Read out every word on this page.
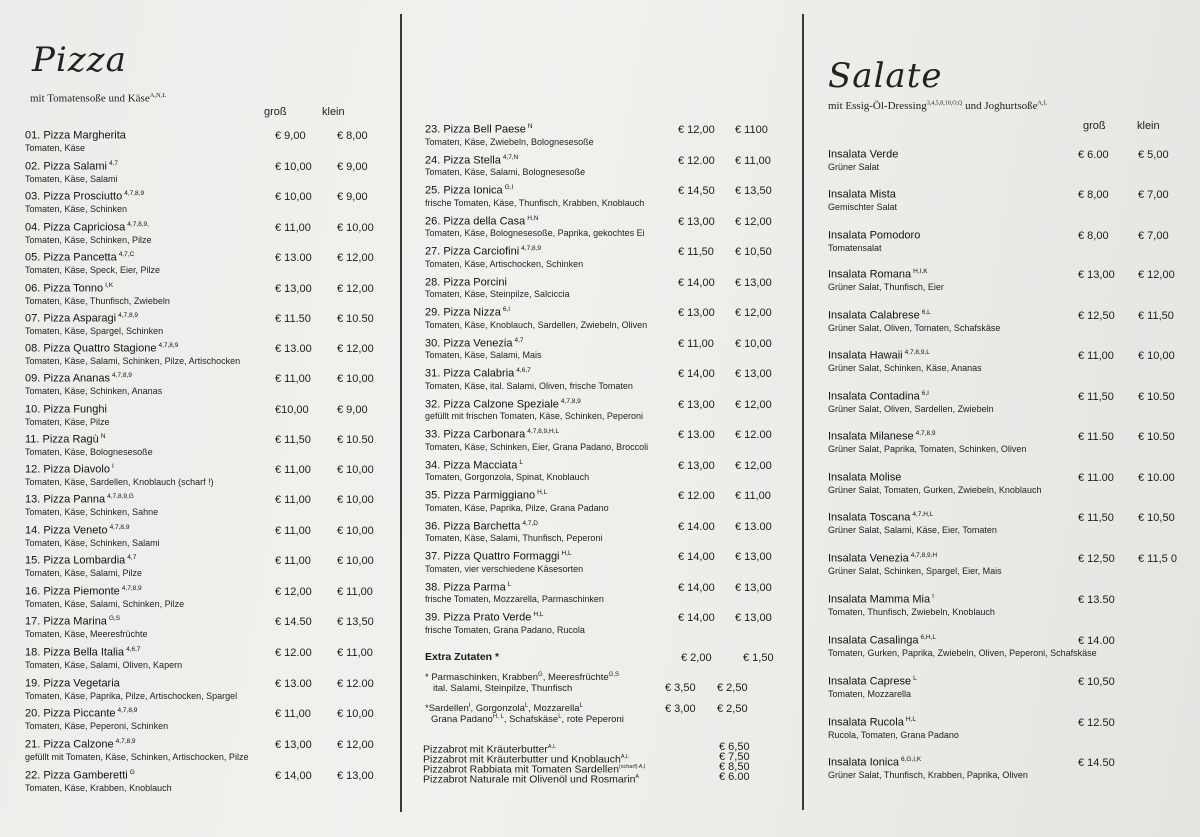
Pizza
mit Tomatensoße und Käse$^{A,N,L}$
groß	klein
01. Pizza Margherita
Tomaten, Käse
€ 9,00	€ 8,00
02. Pizza Salami $^{4,7}$
Tomaten, Käse, Salami
€ 10,00 € 9,00
03. Pizza Prosciutto $^{4,7,8,9}$
Tomaten, Käse, Schinken
€ 10,00 € 9,00
04. Pizza Capriciosa $^{4,7,8,9,}$
Tomaten, Käse, Schinken, Pilze
€ 11,00 € 10,00
05. Pizza Pancetta $^{4,7,C}$
Tomaten, Käse, Speck, Eier, Pilze
€ 13.00 € 12,00
06. Pizza Tonno $^{I,K}$
Tomaten, Käse, Thunfisch, Zwiebeln
€ 13,00 € 12,00
07. Pizza Asparagi $^{4,7,8,9}$
Tomaten, Käse, Spargel, Schinken
€ 11.50 € 10.50
08. Pizza Quattro Stagione $^{4,7,8,9}$
Tomaten, Käse, Salami, Schinken, Pilze, Artischocken
€ 13.00 € 12,00
09. Pizza Ananas $^{4,7,8,9}$
Tomaten, Käse, Schinken, Ananas
€ 11,00 € 10,00
10. Pizza Funghi
Tomaten, Käse, Pilze
€10,00	€ 9,00
11. Pizza Ragù $^N$
Tomaten, Käse, Bolognesesoße
€ 11,50 € 10.50
12. Pizza Diavolo $^I$
Tomaten, Käse, Sardellen, Knoblauch (scharf !)
€ 11,00 € 10,00
13. Pizza Panna $^{4,7,8,9,G}$
Tomaten, Käse, Schinken, Sahne
€ 11,00 € 10,00
14. Pizza Veneto $^{4,7,8,9}$
Tomaten, Käse, Schinken, Salami
€ 11,00 € 10,00
15. Pizza Lombardia $^{4,7}$
Tomaten, Käse, Salami, Pilze
€ 11,00 € 10,00
16. Pizza Piemonte $^{4,7,8,9}$
Tomaten, Käse, Salami, Schinken, Pilze
€ 12,00 € 11,00
17. Pizza Marina $^{G,S}$
Tomaten, Käse, Meeresfrüchte
€ 14.50 € 13,50
18. Pizza Bella Italia $^{4,6,7}$
Tomaten, Käse, Salami, Oliven, Kapern
€ 12.00 € 11,00
19. Pizza Vegetaria
Tomaten, Käse, Paprika, Pilze, Artischocken, Spargel
€ 13.00 € 12.00
20. Pizza Piccante $^{4,7,8,9}$
Tomaten, Käse, Peperoni, Schinken
€ 11,00 € 10,00
21. Pizza Calzone $^{4,7,8,9}$
gefüllt mit Tomaten, Käse, Schinken, Artischocken, Pilze
€ 13,00 € 12,00
22. Pizza Gamberetti $^G$
Tomaten, Käse, Krabben, Knoblauch
€ 14,00 € 13,00
23. Pizza Bell Paese $^N$
Tomaten, Käse, Zwiebeln, Bolognesesoße
€ 12,00 € 1100
24. Pizza Stella $^{4,7,N}$
Tomaten, Käse, Salami, Bolognesesoße
€ 12.00 € 11,00
25. Pizza Ionica $^{G,I}$
frische Tomaten, Käse, Thunfisch, Krabben, Knoblauch
€ 14,50 € 13,50
26. Pizza della Casa $^{H,N}$
Tomaten, Käse, Bolognesesoße, Paprika, gekochtes Ei
€ 13,00 € 12,00
27. Pizza Carciofini $^{4,7,8,9}$
Tomaten, Käse, Artischocken, Schinken
€ 11,50 € 10,50
28. Pizza Porcini
Tomaten, Käse, Steinpilze, Salciccia
€ 14,00 € 13,00
29. Pizza Nizza $^{6,I}$
Tomaten, Käse, Knoblauch, Sardellen, Zwiebeln, Oliven
€ 13,00 € 12,00
30. Pizza Venezia $^{4,7}$
Tomaten, Käse, Salami, Mais
€ 11,00 € 10,00
31. Pizza Calabria $^{4,6,7}$
Tomaten, Käse, ital. Salami, Oliven, frische Tomaten
€ 14,00 € 13,00
32. Pizza Calzone Speziale $^{4,7,8,9}$
gefüllt mit frischen Tomaten, Käse, Schinken, Peperoni
€ 13,00 € 12,00
33. Pizza Carbonara $^{4,7,8,9,H,L}$
Tomaten, Käse, Schinken, Eier, Grana Padano, Broccoli
€ 13.00 € 12.00
34. Pizza Macciata $^L$
Tomaten, Gorgonzola, Spinat, Knoblauch
€ 13,00 € 12,00
35. Pizza Parmiggiano $^{H,L}$
Tomaten, Käse, Paprika, Pilze, Grana Padano
€ 12.00 € 11,00
36. Pizza Barchetta $^{4,7,D}$
Tomaten, Käse, Salami, Thunfisch, Peperoni
€ 14.00 € 13.00
37. Pizza Quattro Formaggi $^{H,L}$
Tomaten, vier verschiedene Käsesorten
€ 14,00 € 13,00
38. Pizza Parma $^L$
frische Tomaten, Mozzarella, Parmaschinken
€ 14,00 € 13,00
39. Pizza Prato Verde $^{H,L}$
frische Tomaten, Grana Padano, Rucola
€ 14,00 € 13,00
Extra Zutaten *	€ 2,00	€ 1,50
* Parmaschinken, Krabben$^G$, Meeresfrüchte$^{G,S}$
ital. Salami, Steinpilze, Thunfisch	€ 3,50 € 2,50
*Sardellen$^I$, Gorgonzola$^L$, Mozzarella$^L$
Grana Padano$^{H, L}$, Schafskäse$^L$, rote Peperoni
€ 3,00 € 2,50
Pizzabrot mit Kräuterbutter$^{A,L}$	€ 6,50
Pizzabrot mit Kräuterbutter und Knoblauch$^{A,L}$	€ 7,50
Pizzabrot Rabbiata mit Tomaten Sardellen$^{(scharf) A,I}$	€ 8,50
Pizzabrot Naturale mit Olivenöl und Rosmarin$^A$	€ 6.00
Salate
mit Essig-Öl-Dressing$^{3,4,5,8,10,O,Q}$ und Joghurtsoße$^{A,L}$
groß	klein
Insalata Verde
Grüner Salat
€ 6.00	€ 5,00
Insalata Mista
Gemischter Salat
€ 8,00	€ 7,00
Insalata Pomodoro
Tomatensalat
€ 8,00	€ 7,00
Insalata Romana $^{H,I,K}$
Grüner Salat, Thunfisch, Eier
€ 13,00 € 12,00
Insalata Calabrese $^{6,L}$
Grüner Salat, Oliven, Tomaten, Schafskäse
€ 12,50 € 11,50
Insalata Hawaii $^{4,7,8,9,L}$
Grüner Salat, Schinken, Käse, Ananas
€ 11,00 € 10,00
Insalata Contadina $^{6,I}$
Grüner Salat, Oliven, Sardellen, Zwiebeln
€ 11,50 € 10.50
Insalata Milanese $^{4,7,8,9}$
Grüner Salat, Paprika, Tomaten, Schinken, Oliven
€ 11.50 € 10.50
Insalata Molise
Grüner Salat, Tomaten, Gurken, Zwiebeln, Knoblauch
€ 11.00 € 10.00
Insalata Toscana $^{4,7,H,L}$
Grüner Salat, Salami, Käse, Eier, Tomaten
€ 11,50 € 10,50
Insalata Venezia $^{4,7,8,9,H}$
Grüner Salat, Schinken, Spargel, Eier, Mais
€ 12,50 € 11,5 0
Insalata Mamma Mia $^I$
Tomaten, Thunfisch, Zwiebeln, Knoblauch
€ 13.50
Insalata Casalinga $^{6,H,L}$
Tomaten, Gurken, Paprika, Zwiebeln, Oliven, Peperoni, Schafskäse
€ 14.00
Insalata Caprese $^L$
Tomaten, Mozzarella
€ 10,50
Insalata Rucola $^{H,L}$
Rucola, Tomaten, Grana Padano
€ 12.50
Insalata Ionica $^{6,G,I,K}$
Grüner Salat, Thunfisch, Krabben, Paprika, Oliven
€ 14.50
